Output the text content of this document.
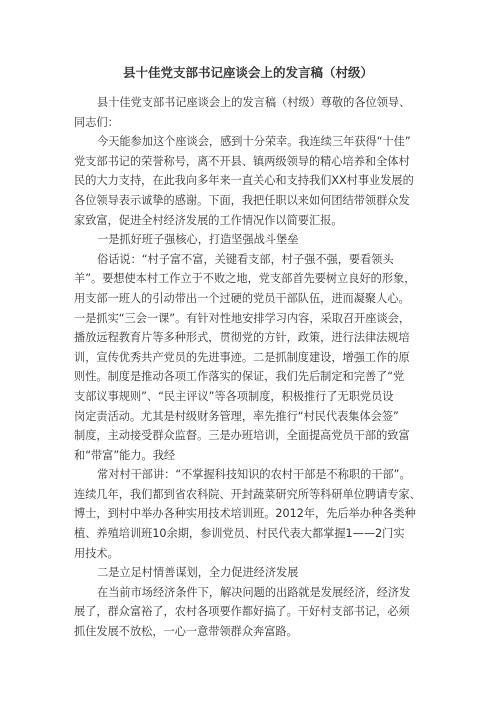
县十佳党支部书记座谈会上的发言稿（村级）
县十佳党支部书记座谈会上的发言稿（村级）尊敬的各位领导、
同志们：
今天能参加这个座谈会，感到十分荣幸。我连续三年获得“十佳”
党支部书记的荣誉称号，离不开县、镇两级领导的精心培养和全体村
民的大力支持，在此我向多年来一直关心和支持我们XX村事业发展的
各位领导表示诚挚的感谢。下面，我把任职以来如何团结带领群众发
家致富，促进全村经济发展的工作情况作以简要汇报。
一是抓好班子强核心，打造坚强战斗堡垒
俗话说：“村子富不富，关键看支部，村子强不强，要看领头
羊”。要想使本村工作立于不败之地，党支部首先要树立良好的形象，
用支部一班人的引动带出一个过硬的党员干部队伍，进而凝聚人心。
一是抓实“三会一课”。有针对性地安排学习内容，采取召开座谈会，
播放远程教育片等多种形式，贯彻党的方针，政策，进行法律法规培
训，宣传优秀共产党员的先进事迹。二是抓制度建设，增强工作的原
则性。制度是推动各项工作落实的保证，我们先后制定和完善了“党
支部议事规则”、“民主评议”等各项制度，积极推行了无职党员设
岗定责活动。尤其是村级财务管理，率先推行“村民代表集体会签”
制度，主动接受群众监督。三是办班培训，全面提高党员干部的致富
和“带富”能力。我经
常对村干部讲：“不掌握科技知识的农村干部是不称职的干部”。
连续几年，我们都到省农科院、开封蔬菜研究所等科研单位聘请专家、
博士，到村中举办各种实用技术培训班。2012年，先后举办种各类种
植、养殖培训班10余期，参训党员、村民代表大都掌握1——2门实
用技术。
二是立足村情善谋划，全力促进经济发展
在当前市场经济条件下，解决问题的出路就是发展经济，经济发
展了，群众富裕了，农村各项要作都好搞了。干好村支部书记，必须
抓住发展不放松，一心一意带领群众奔富路。
